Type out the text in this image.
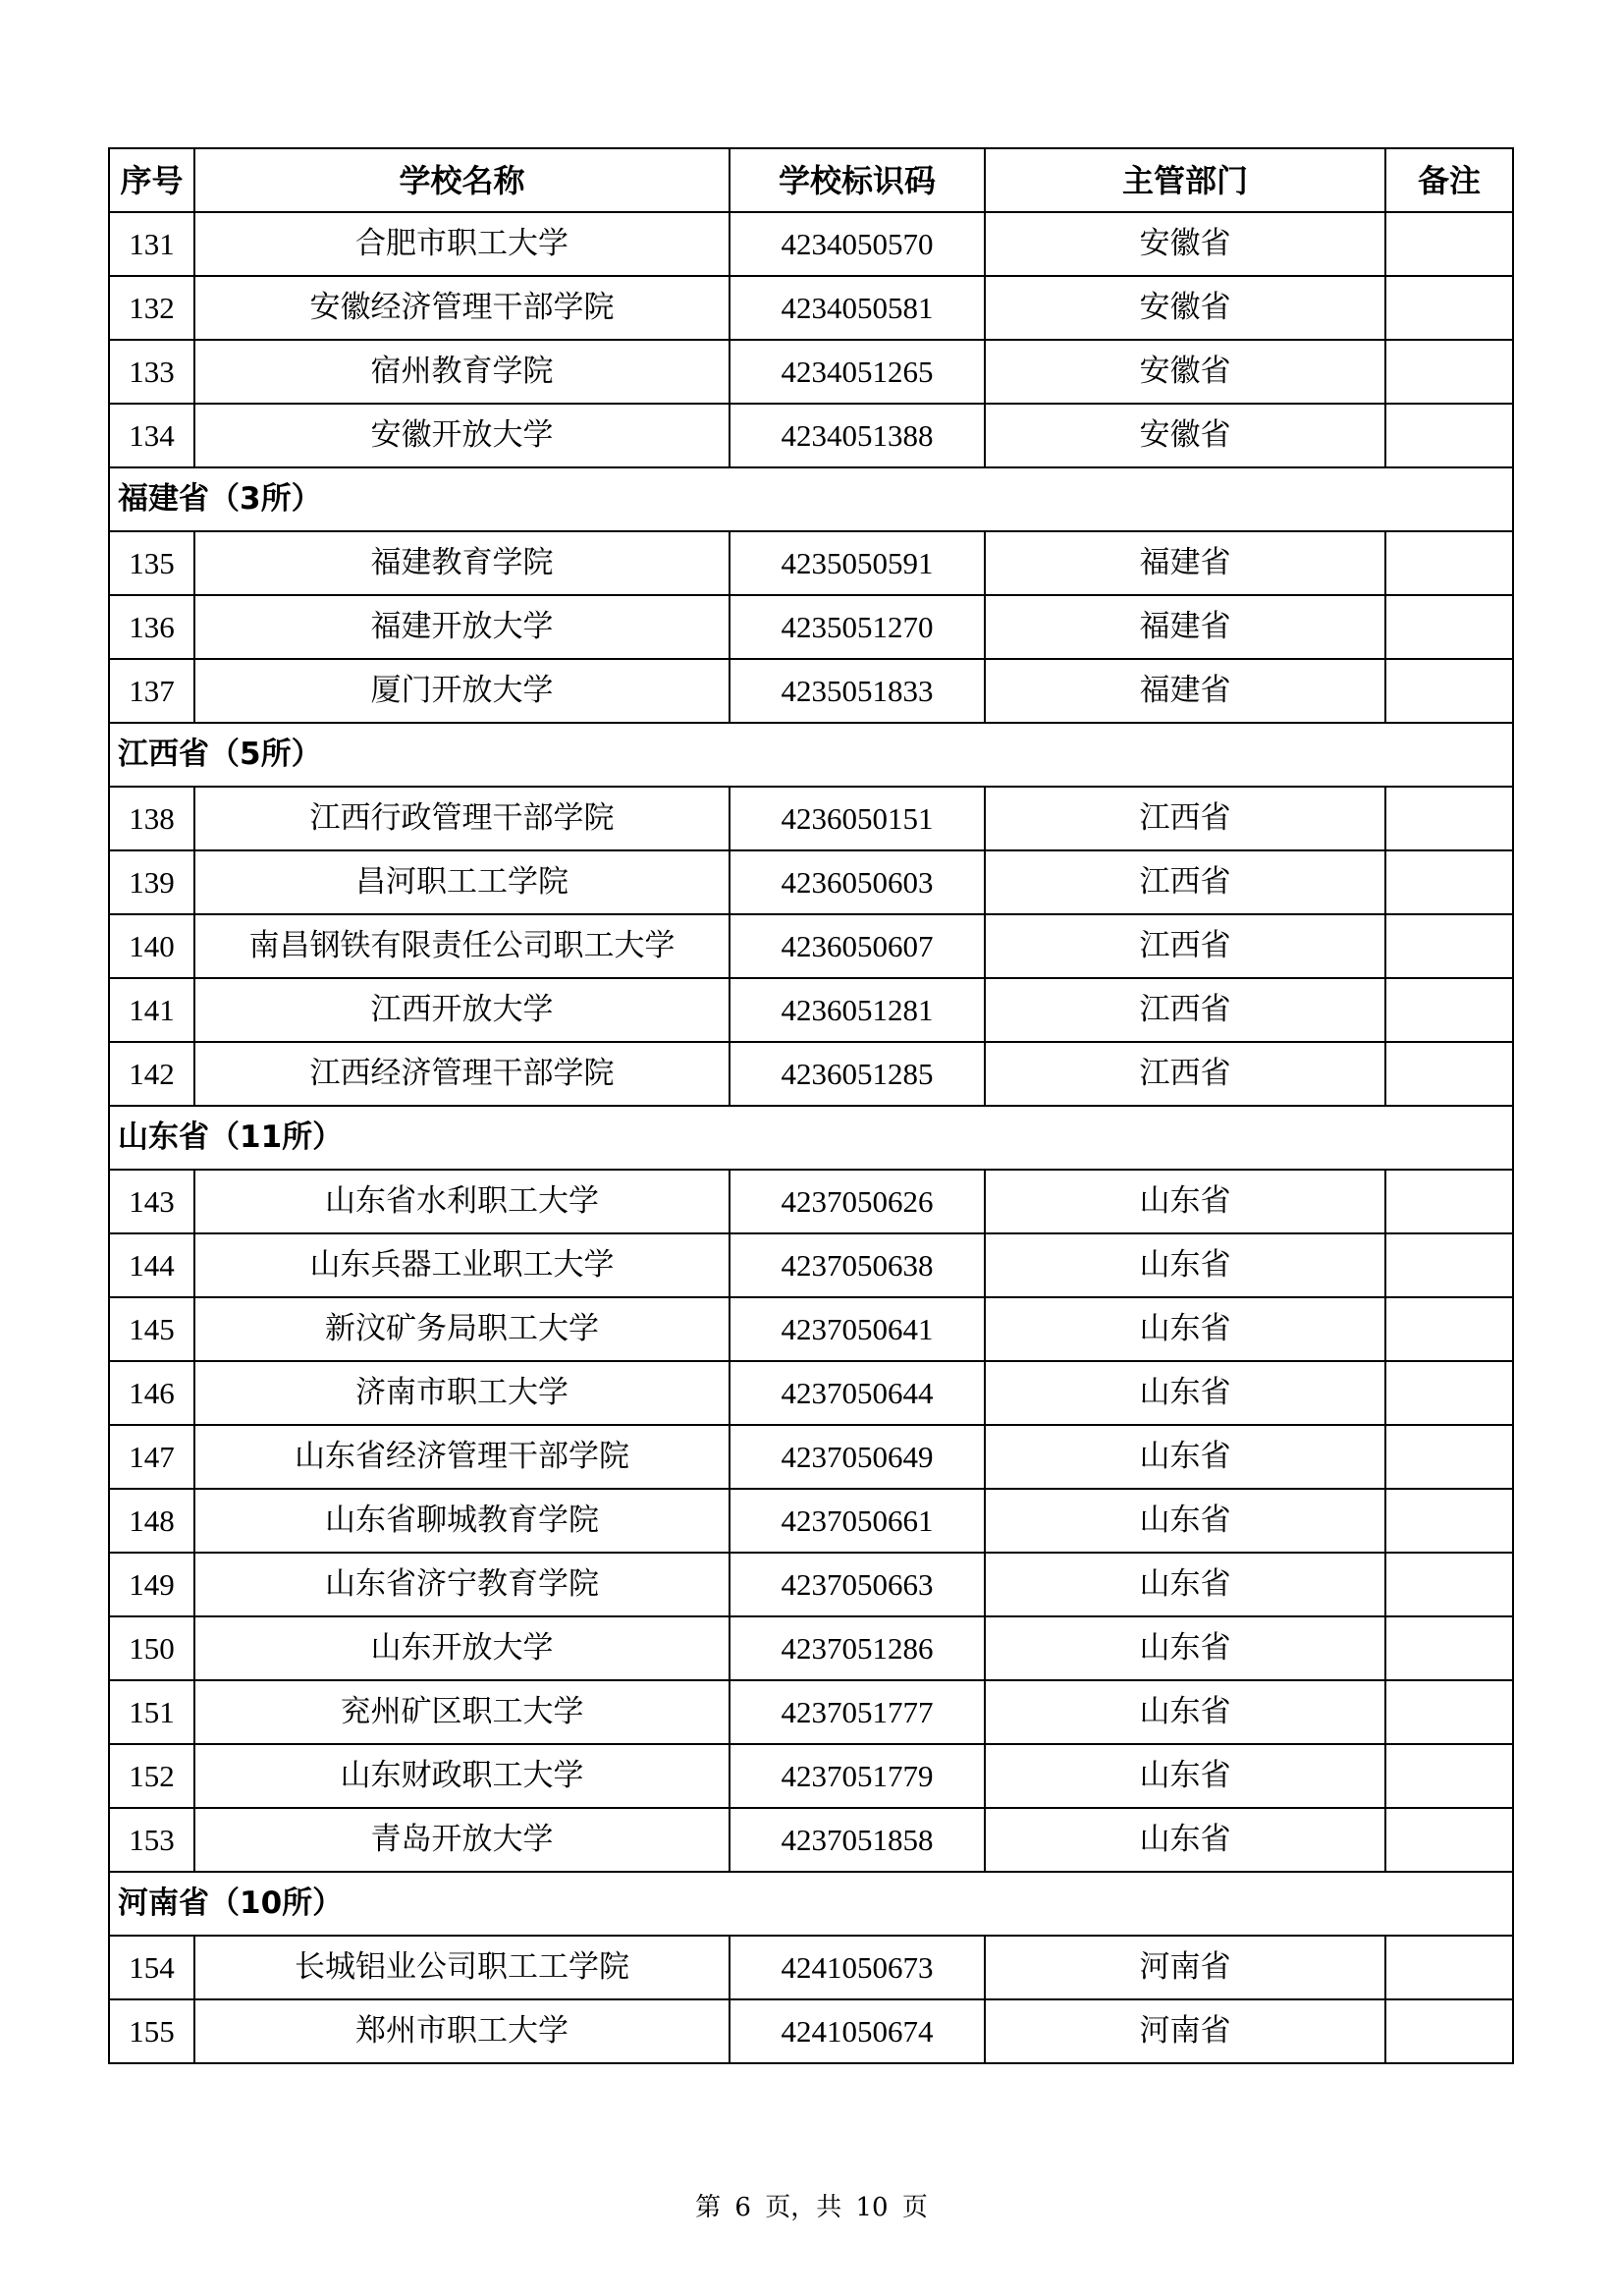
序号	学校名称	学校标识码	主管部门	备注
131	合肥市职工大学	4234050570	安徽省	
132	安徽经济管理干部学院	4234050581	安徽省	
133	宿州教育学院	4234051265	安徽省	
134	安徽开放大学	4234051388	安徽省	
福建省（3所）				
135	福建教育学院	4235050591	福建省	
136	福建开放大学	4235051270	福建省	
137	厦门开放大学	4235051833	福建省	
江西省（5所）				
138	江西行政管理干部学院	4236050151	江西省	
139	昌河职工工学院	4236050603	江西省	
140	南昌钢铁有限责任公司职工大学	4236050607	江西省	
141	江西开放大学	4236051281	江西省	
142	江西经济管理干部学院	4236051285	江西省	
山东省（11所）				
143	山东省水利职工大学	4237050626	山东省	
144	山东兵器工业职工大学	4237050638	山东省	
145	新汶矿务局职工大学	4237050641	山东省	
146	济南市职工大学	4237050644	山东省	
147	山东省经济管理干部学院	4237050649	山东省	
148	山东省聊城教育学院	4237050661	山东省	
149	山东省济宁教育学院	4237050663	山东省	
150	山东开放大学	4237051286	山东省	
151	兖州矿区职工大学	4237051777	山东省	
152	山东财政职工大学	4237051779	山东省	
153	青岛开放大学	4237051858	山东省	
河南省（10所）				
154	长城铝业公司职工工学院	4241050673	河南省	
155	郑州市职工大学	4241050674	河南省	
第 6 页，共 10 页
